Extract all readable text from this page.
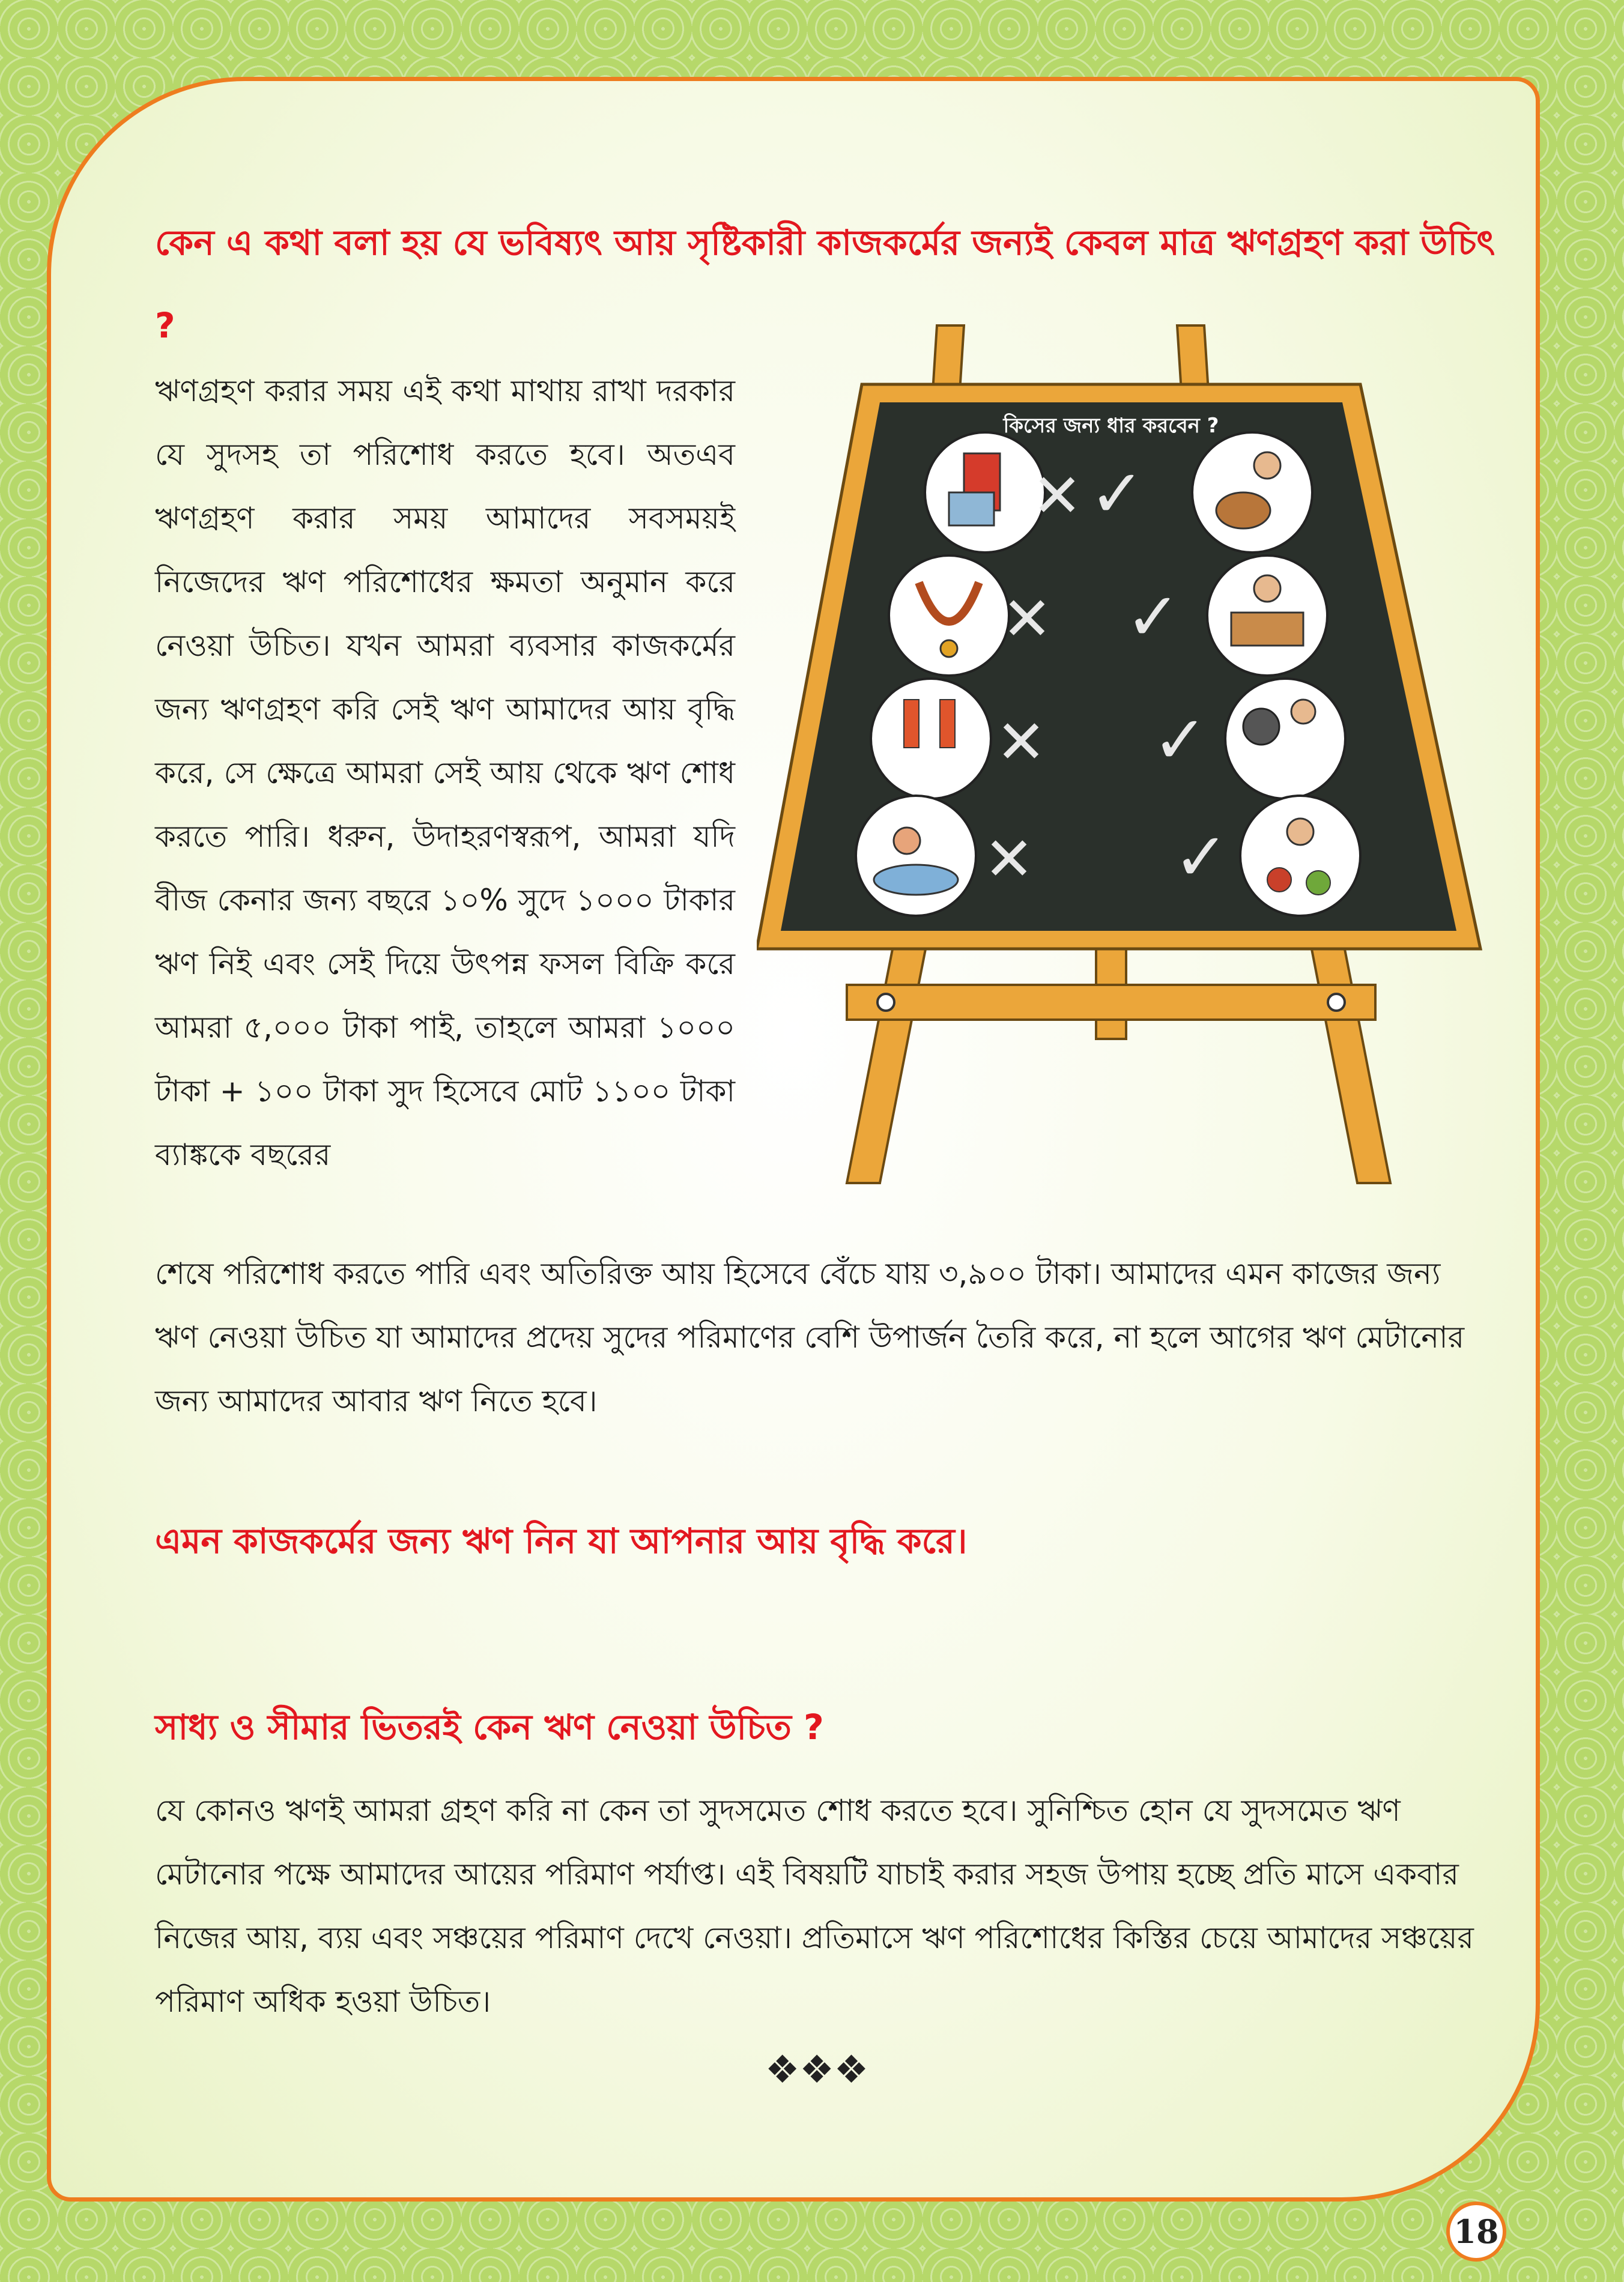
কেন এ কথা বলা হয় যে ভবিষ্যৎ আয় সৃষ্টিকারী কাজকর্মের জন্যই কেবল মাত্র ঋণগ্রহণ করা উচিৎ ?

ঋণগ্রহণ করার সময় এই কথা মাথায় রাখা দরকার যে সুদসহ তা পরিশোধ করতে হবে। অতএব ঋণগ্রহণ করার সময় আমাদের সবসময়ই নিজেদের ঋণ পরিশোধের ক্ষমতা অনুমান করে নেওয়া উচিত। যখন আমরা ব্যবসার কাজকর্মের জন্য ঋণগ্রহণ করি সেই ঋণ আমাদের আয় বৃদ্ধি করে, সে ক্ষেত্রে আমরা সেই আয় থেকে ঋণ শোধ করতে পারি। ধরুন, উদাহরণস্বরূপ, আমরা যদি বীজ কেনার জন্য বছরে ১০% সুদে ১০০০ টাকার ঋণ নিই এবং সেই দিয়ে উৎপন্ন ফসল বিক্রি করে আমরা ৫,০০০ টাকা পাই, তাহলে আমরা ১০০০ টাকা + ১০০ টাকা সুদ হিসেবে মোট ১১০০ টাকা ব্যাঙ্ককে বছরের

কিসের জন্য ধার করবেন ?
✕ ✓
✕ ✓
✕ ✓
✕ ✓

শেষে পরিশোধ করতে পারি এবং অতিরিক্ত আয় হিসেবে বেঁচে যায় ৩,৯০০ টাকা। আমাদের এমন কাজের জন্য ঋণ নেওয়া উচিত যা আমাদের প্রদেয় সুদের পরিমাণের বেশি উপার্জন তৈরি করে, না হলে আগের ঋণ মেটানোর জন্য আমাদের আবার ঋণ নিতে হবে।

এমন কাজকর্মের জন্য ঋণ নিন যা আপনার আয় বৃদ্ধি করে।
সাধ্য ও সীমার ভিতরই কেন ঋণ নেওয়া উচিত ?

যে কোনও ঋণই আমরা গ্রহণ করি না কেন তা সুদসমেত শোধ করতে হবে। সুনিশ্চিত হোন যে সুদসমেত ঋণ মেটানোর পক্ষে আমাদের আয়ের পরিমাণ পর্যাপ্ত। এই বিষয়টি যাচাই করার সহজ উপায় হচ্ছে প্রতি মাসে একবার নিজের আয়, ব্যয় এবং সঞ্চয়ের পরিমাণ দেখে নেওয়া। প্রতিমাসে ঋণ পরিশোধের কিস্তির চেয়ে আমাদের সঞ্চয়ের পরিমাণ অধিক হওয়া উচিত।

❖❖❖
18
